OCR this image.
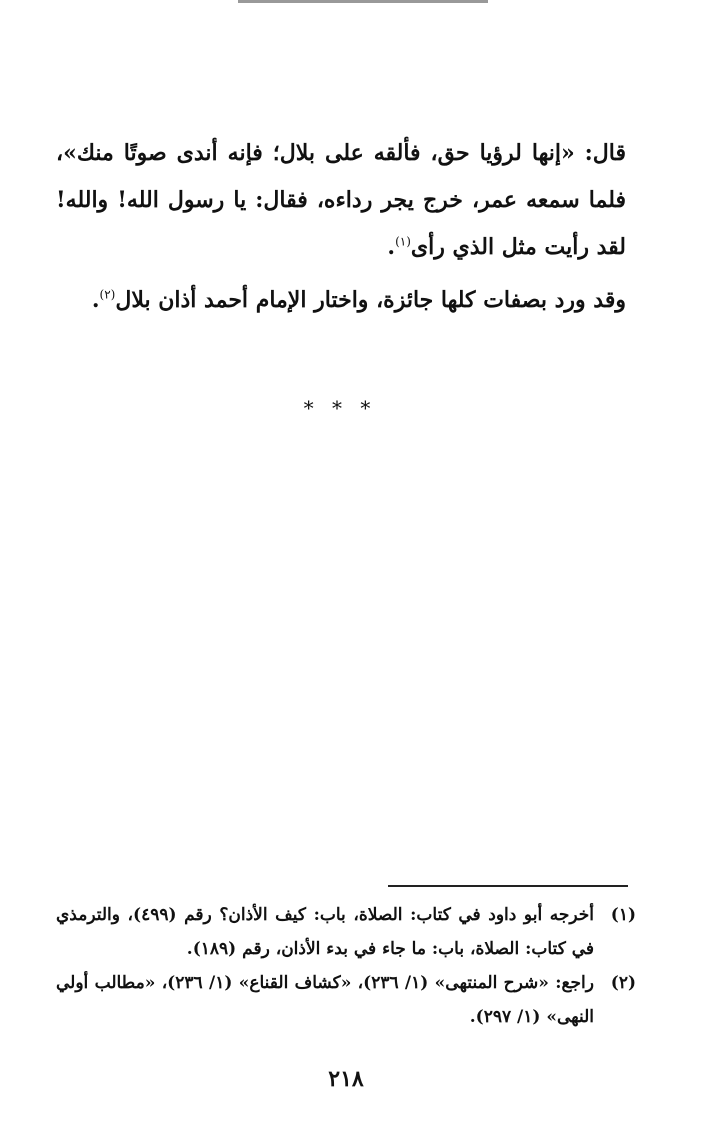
قال: «إنها لرؤيا حق، فألقه على بلال؛ فإنه أندى صوتًا منك»، فلما سمعه عمر، خرج يجر رداءه، فقال: يا رسول الله! والله! لقد رأيت مثل الذي رأى$^{(١)}$.

وقد ورد بصفات كلها جائزة، واختار الإمام أحمد أذان بلال$^{(٢)}$.

* * *
(١)
أخرجه أبو داود في كتاب: الصلاة، باب: كيف الأذان؟ رقم (٤٩٩)، والترمذي في كتاب: الصلاة، باب: ما جاء في بدء الأذان، رقم (١٨٩).
(٢)
راجع: «شرح المنتهى» (١/ ٢٣٦)، «كشاف القناع» (١/ ٢٣٦)، «مطالب أولي النهى» (١/ ٢٩٧).
٢١٨
